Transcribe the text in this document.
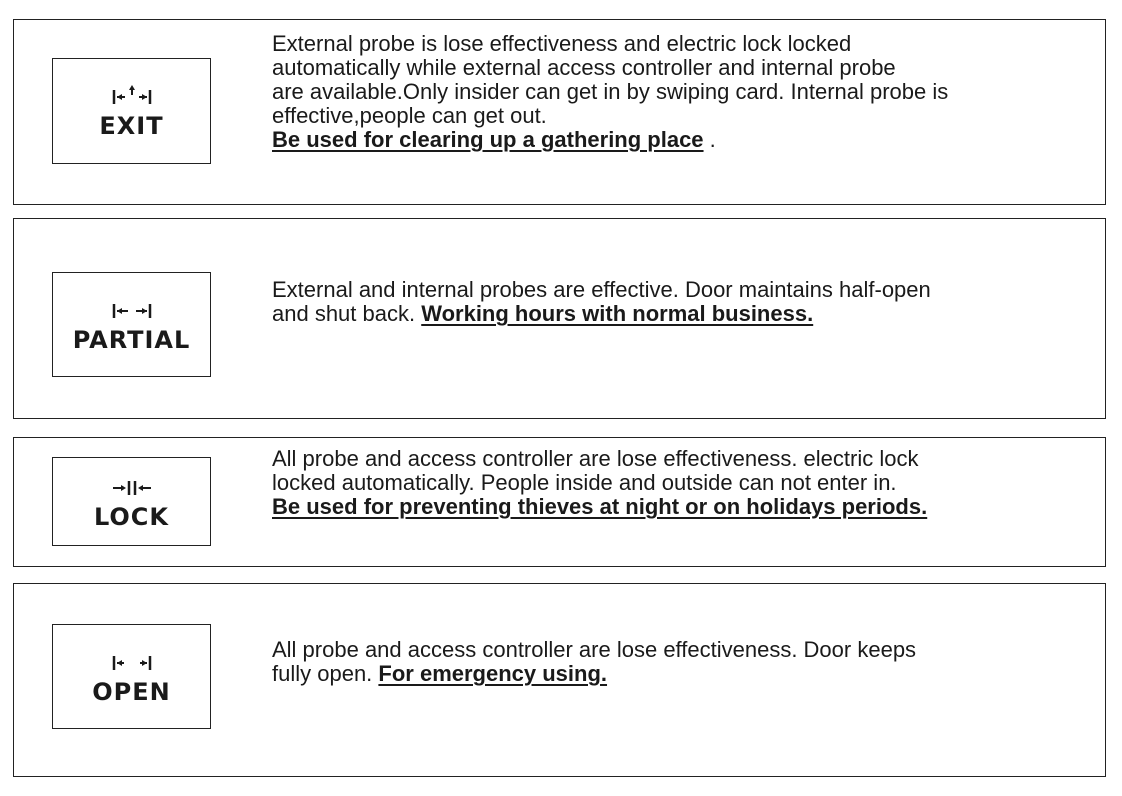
EXIT
External probe is lose effectiveness and electric lock locked
automatically while external access controller and internal probe
are available.Only insider can get in by swiping card. Internal probe is
effective,people can get out.
Be used for clearing up a gathering place .
PARTIAL
External and internal probes are effective. Door maintains half-open
and shut back. Working hours with normal business.
LOCK
All probe and access controller are lose effectiveness. electric lock
locked automatically. People inside and outside can not enter in.
Be used for preventing thieves at night or on holidays periods.
OPEN
All probe and access controller are lose effectiveness. Door keeps
fully open. For emergency using.
